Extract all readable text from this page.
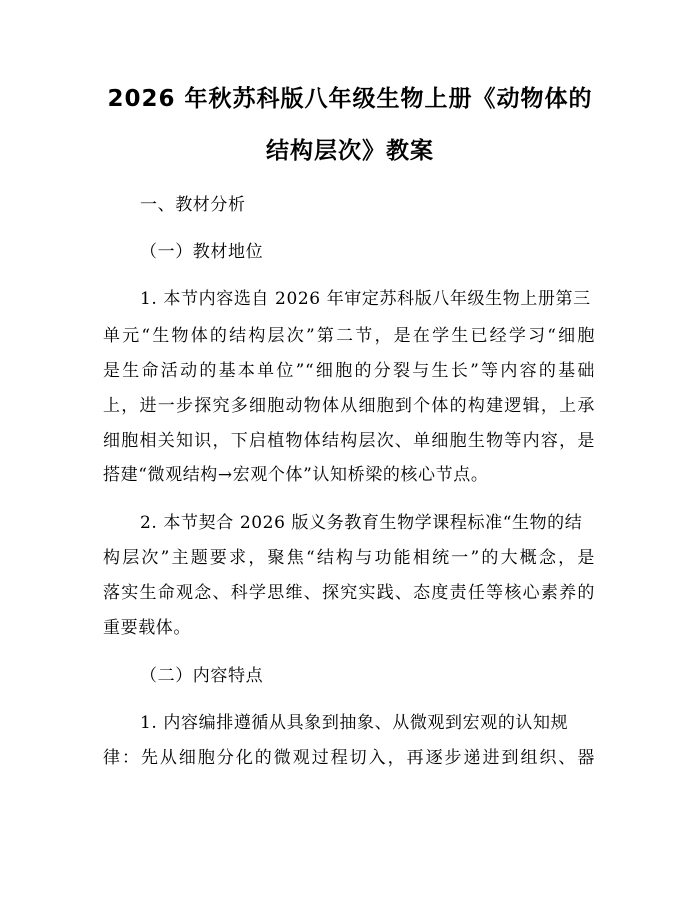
2026 年秋苏科版八年级生物上册《动物体的
结构层次》教案
一、教材分析
（一）教材地位
1. 本节内容选自 2026 年审定苏科版八年级生物上册第三
单元“生物体的结构层次”第二节，是在学生已经学习“细胞
是生命活动的基本单位”“细胞的分裂与生长”等内容的基础
上，进一步探究多细胞动物体从细胞到个体的构建逻辑，上承
细胞相关知识，下启植物体结构层次、单细胞生物等内容，是
搭建“微观结构→宏观个体”认知桥梁的核心节点。
2. 本节契合 2026 版义务教育生物学课程标准“生物的结
构层次”主题要求，聚焦“结构与功能相统一”的大概念，是
落实生命观念、科学思维、探究实践、态度责任等核心素养的
重要载体。
（二）内容特点
1. 内容编排遵循从具象到抽象、从微观到宏观的认知规
律：先从细胞分化的微观过程切入，再逐步递进到组织、器
